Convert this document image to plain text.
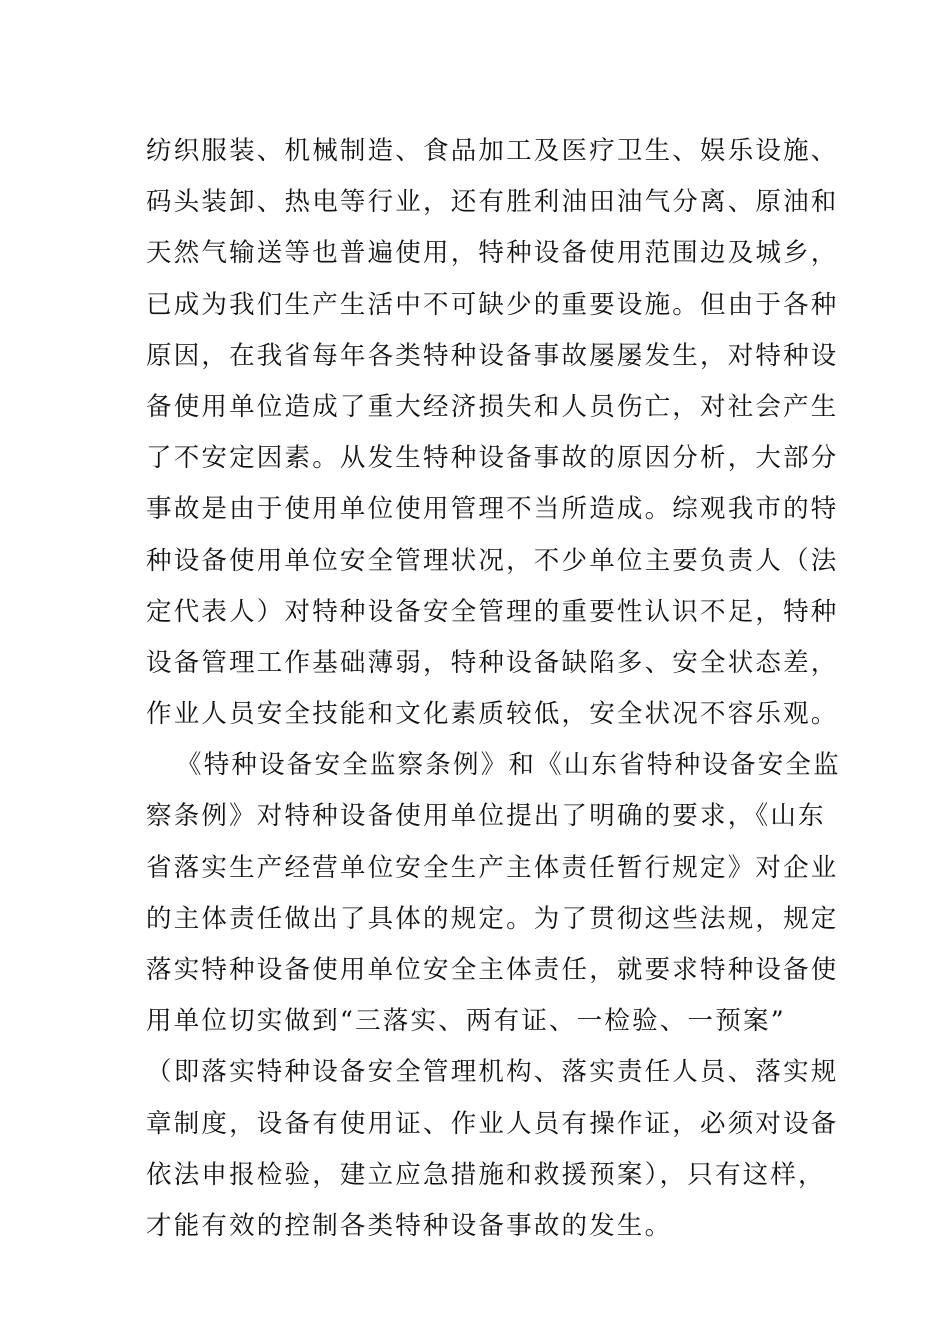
纺织服装、机械制造、食品加工及医疗卫生、娱乐设施、
码头装卸、热电等行业，还有胜利油田油气分离、原油和
天然气输送等也普遍使用，特种设备使用范围边及城乡，
已成为我们生产生活中不可缺少的重要设施。但由于各种
原因，在我省每年各类特种设备事故屡屡发生，对特种设
备使用单位造成了重大经济损失和人员伤亡，对社会产生
了不安定因素。从发生特种设备事故的原因分析，大部分
事故是由于使用单位使用管理不当所造成。综观我市的特
种设备使用单位安全管理状况，不少单位主要负责人（法
定代表人）对特种设备安全管理的重要性认识不足，特种
设备管理工作基础薄弱，特种设备缺陷多、安全状态差，
作业人员安全技能和文化素质较低，安全状况不容乐观。
《特种设备安全监察条例》和《山东省特种设备安全监
察条例》对特种设备使用单位提出了明确的要求，《山东
省落实生产经营单位安全生产主体责任暂行规定》对企业
的主体责任做出了具体的规定。为了贯彻这些法规，规定
落实特种设备使用单位安全主体责任，就要求特种设备使
用单位切实做到“三落实、两有证、一检验、一预案”
（即落实特种设备安全管理机构、落实责任人员、落实规
章制度，设备有使用证、作业人员有操作证，必须对设备
依法申报检验，建立应急措施和救援预案），只有这样，
才能有效的控制各类特种设备事故的发生。
